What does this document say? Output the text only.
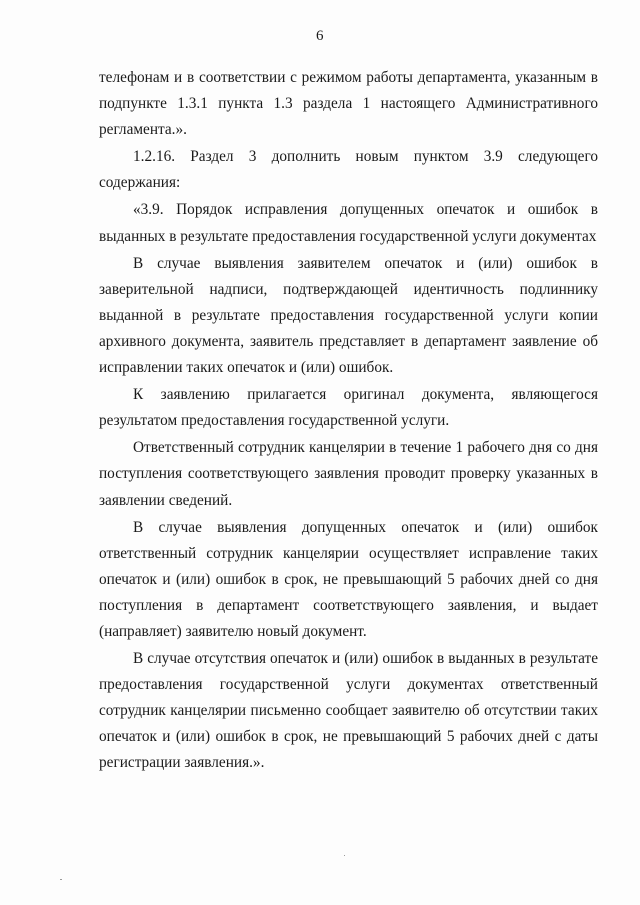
6

телефонам и в соответствии с режимом работы департамента, указанным в подпункте 1.3.1 пункта 1.3 раздела 1 настоящего Административного регламента.».

1.2.16. Раздел 3 дополнить новым пунктом 3.9 следующего содержания:

«3.9. Порядок исправления допущенных опечаток и ошибок в выданных в результате предоставления государственной услуги документах

В случае выявления заявителем опечаток и (или) ошибок в заверительной надписи, подтверждающей идентичность подлиннику выданной в результате предоставления государственной услуги копии архивного документа, заявитель представляет в департамент заявление об исправлении таких опечаток и (или) ошибок.

К заявлению прилагается оригинал документа, являющегося результатом предоставления государственной услуги.

Ответственный сотрудник канцелярии в течение 1 рабочего дня со дня поступления соответствующего заявления проводит проверку указанных в заявлении сведений.

В случае выявления допущенных опечаток и (или) ошибок ответственный сотрудник канцелярии осуществляет исправление таких опечаток и (или) ошибок в срок, не превышающий 5 рабочих дней со дня поступления в департамент соответствующего заявления, и выдает (направляет) заявителю новый документ.

В случае отсутствия опечаток и (или) ошибок в выданных в результате предоставления государственной услуги документах ответственный сотрудник канцелярии письменно сообщает заявителю об отсутствии таких опечаток и (или) ошибок в срок, не превышающий 5 рабочих дней с даты регистрации заявления.».
